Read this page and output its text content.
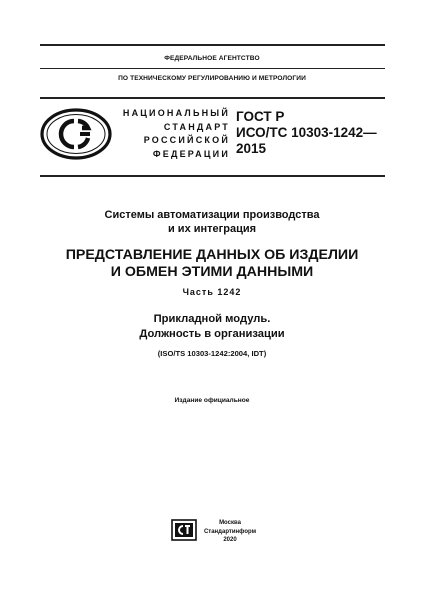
ФЕДЕРАЛЬНОЕ АГЕНТСТВО
ПО ТЕХНИЧЕСКОМУ РЕГУЛИРОВАНИЮ И МЕТРОЛОГИИ
НАЦИОНАЛЬНЫЙ
СТАНДАРТ
РОССИЙСКОЙ
ФЕДЕРАЦИИ
ГОСТ Р
ИСО/ТС 10303-1242—
2015
Системы автоматизации производства
и их интеграция
ПРЕДСТАВЛЕНИЕ ДАННЫХ ОБ ИЗДЕЛИИ
И ОБМЕН ЭТИМИ ДАННЫМИ
Часть 1242
Прикладной модуль.
Должность в организации
(ISO/TS 10303-1242:2004, IDT)
Издание официальное
Москва
Стандартинформ
2020
